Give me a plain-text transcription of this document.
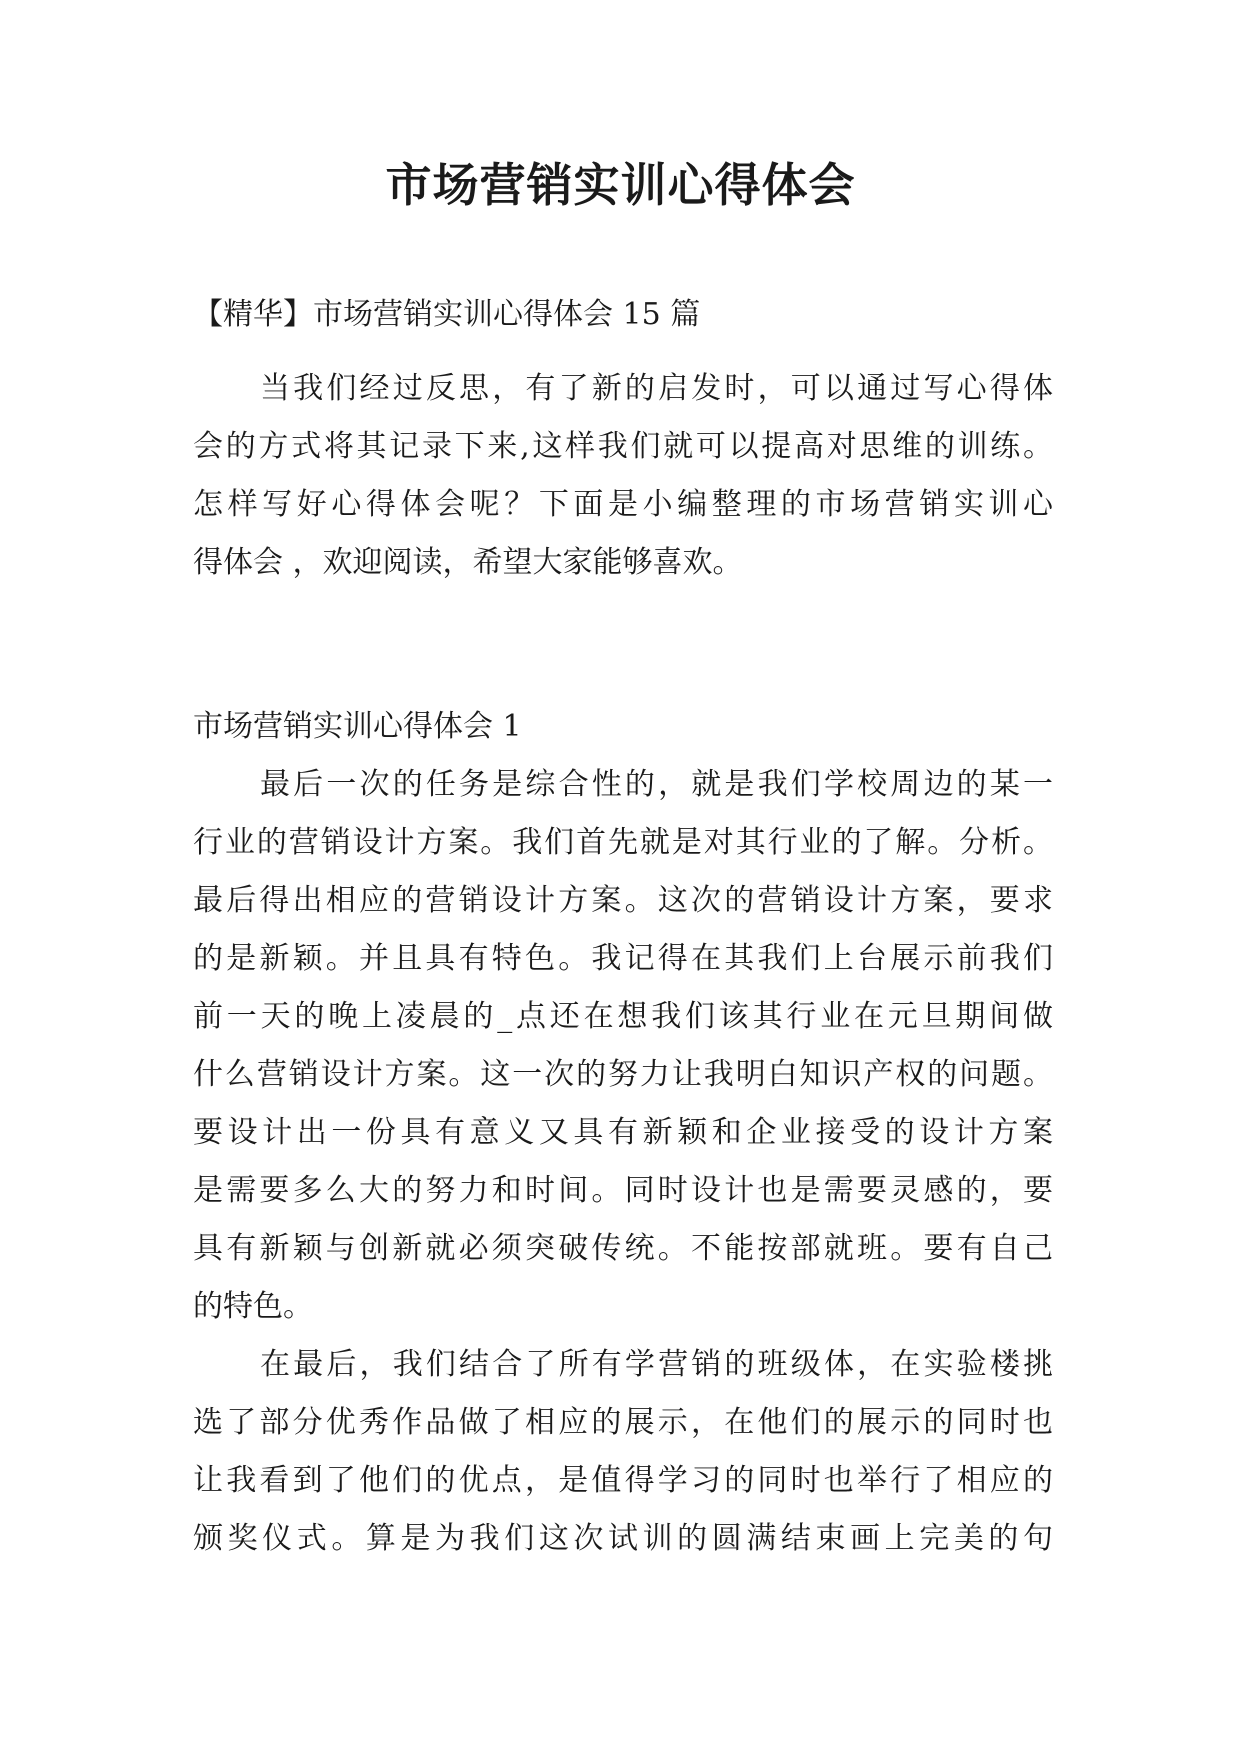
市场营销实训心得体会
【精华】市场营销实训心得体会 15 篇
当我们经过反思，有了新的启发时，可以通过写心得体
会的方式将其记录下来,这样我们就可以提高对思维的训练。
怎样写好心得体会呢？下面是小编整理的市场营销实训心
得体会 ，欢迎阅读，希望大家能够喜欢。
市场营销实训心得体会 1
最后一次的任务是综合性的，就是我们学校周边的某一
行业的营销设计方案。我们首先就是对其行业的了解。分析。
最后得出相应的营销设计方案。这次的营销设计方案，要求
的是新颖。并且具有特色。我记得在其我们上台展示前我们
前一天的晚上凌晨的_点还在想我们该其行业在元旦期间做
什么营销设计方案。这一次的努力让我明白知识产权的问题。
要设计出一份具有意义又具有新颖和企业接受的设计方案
是需要多么大的努力和时间。同时设计也是需要灵感的，要
具有新颖与创新就必须突破传统。不能按部就班。要有自己
的特色。
在最后，我们结合了所有学营销的班级体，在实验楼挑
选了部分优秀作品做了相应的展示，在他们的展示的同时也
让我看到了他们的优点，是值得学习的同时也举行了相应的
颁奖仪式。算是为我们这次试训的圆满结束画上完美的句
